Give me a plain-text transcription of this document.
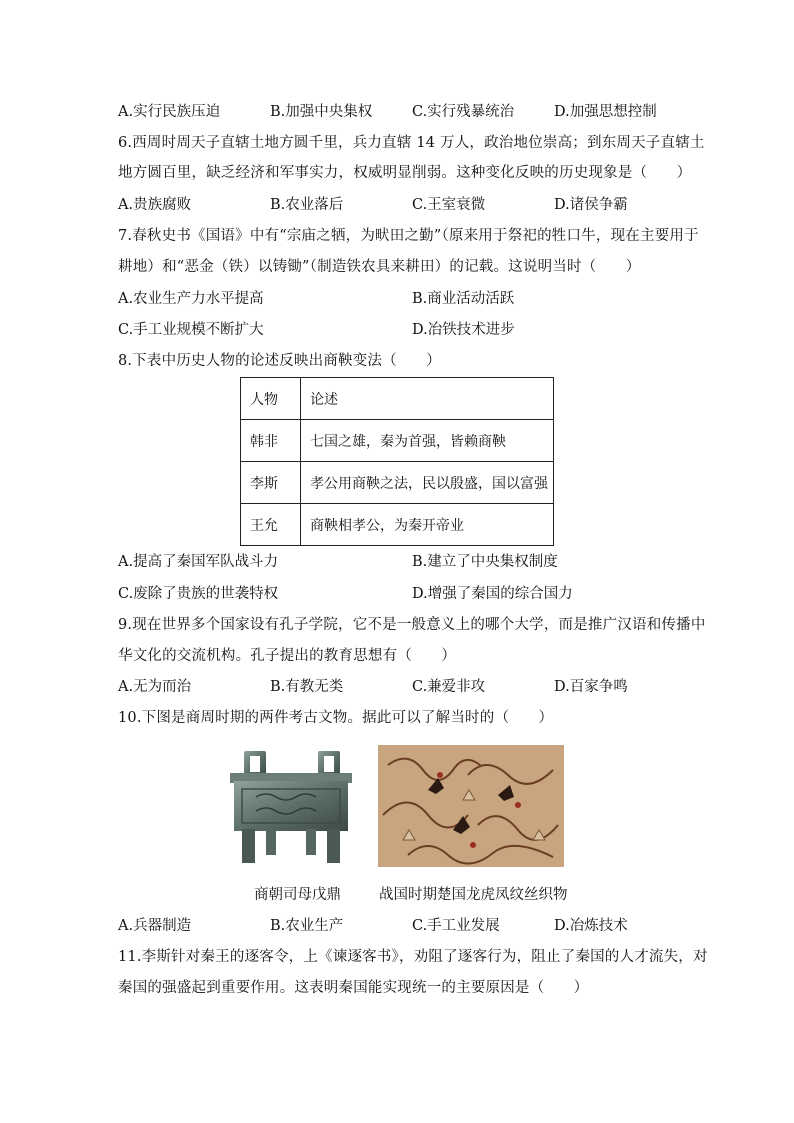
A.实行民族压迫	B.加强中央集权	C.实行残暴统治	D.加强思想控制
6.西周时周天子直辖土地方圆千里，兵力直辖 14 万人，政治地位崇高；到东周天子直辖土
地方圆百里，缺乏经济和军事实力，权威明显削弱。这种变化反映的历史现象是（　　）
A.贵族腐败	B.农业落后	C.王室衰微	D.诸侯争霸
7.春秋史书《国语》中有“宗庙之牺，为畎田之勤”（原来用于祭祀的牲口牛，现在主要用于
耕地）和“恶金（铁）以铸锄”（制造铁农具来耕田）的记载。这说明当时（　　）
A.农业生产力水平提高	B.商业活动活跃
C.手工业规模不断扩大	D.冶铁技术进步
8.下表中历史人物的论述反映出商鞅变法（　　）
人物	论述
韩非	七国之雄，秦为首强，皆赖商鞅
李斯	孝公用商鞅之法，民以殷盛，国以富强
王允	商鞅相孝公，为秦开帝业
A.提高了秦国军队战斗力	B.建立了中央集权制度
C.废除了贵族的世袭特权	D.增强了秦国的综合国力
9.现在世界多个国家设有孔子学院，它不是一般意义上的哪个大学，而是推广汉语和传播中
华文化的交流机构。孔子提出的教育思想有（　　）
A.无为而治	B.有教无类	C.兼爱非攻	D.百家争鸣
10.下图是商周时期的两件考古文物。据此可以了解当时的（　　）
商朝司母戊鼎	战国时期楚国龙虎凤纹丝织物
A.兵器制造	B.农业生产	C.手工业发展	D.冶炼技术
11.李斯针对秦王的逐客令，上《谏逐客书》，劝阻了逐客行为，阻止了秦国的人才流失，对
秦国的强盛起到重要作用。这表明秦国能实现统一的主要原因是（　　）
